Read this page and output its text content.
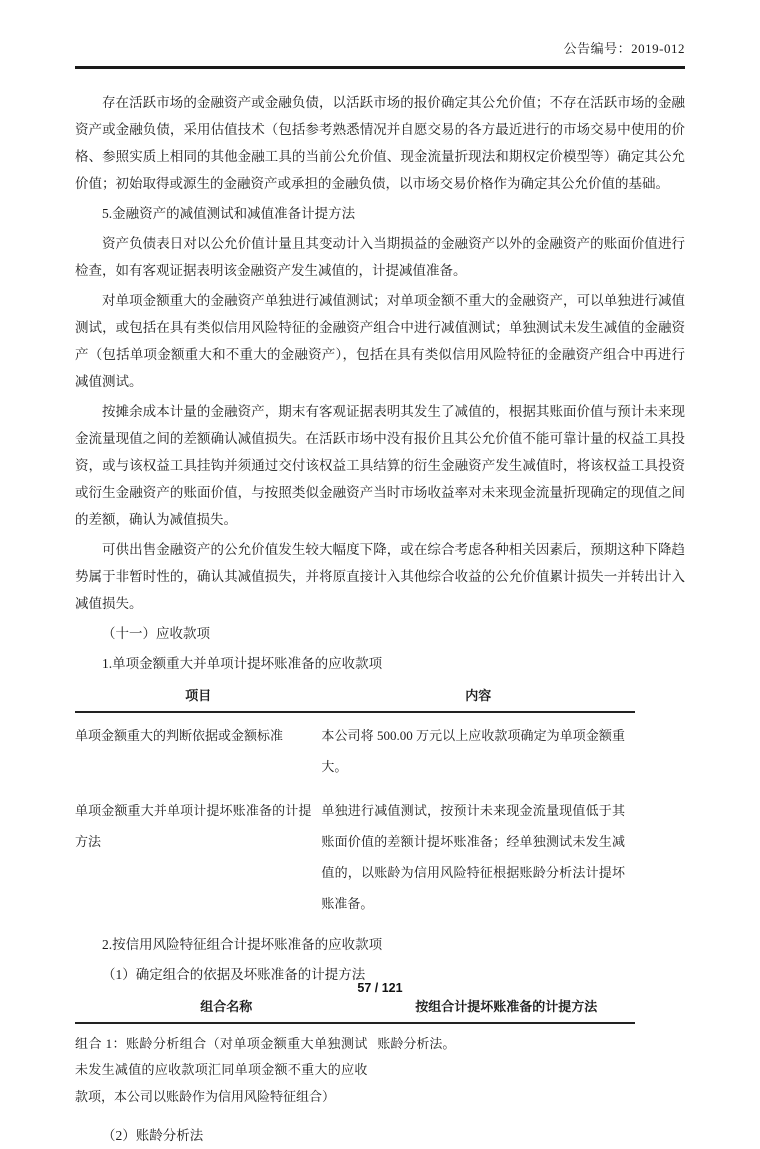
公告编号：2019-012

存在活跃市场的金融资产或金融负债，以活跃市场的报价确定其公允价值；不存在活跃市场的金融资产或金融负债，采用估值技术（包括参考熟悉情况并自愿交易的各方最近进行的市场交易中使用的价格、参照实质上相同的其他金融工具的当前公允价值、现金流量折现法和期权定价模型等）确定其公允价值；初始取得或源生的金融资产或承担的金融负债，以市场交易价格作为确定其公允价值的基础。

5.金融资产的减值测试和减值准备计提方法

资产负债表日对以公允价值计量且其变动计入当期损益的金融资产以外的金融资产的账面价值进行检查，如有客观证据表明该金融资产发生减值的，计提减值准备。

对单项金额重大的金融资产单独进行减值测试；对单项金额不重大的金融资产，可以单独进行减值测试，或包括在具有类似信用风险特征的金融资产组合中进行减值测试；单独测试未发生减值的金融资产（包括单项金额重大和不重大的金融资产），包括在具有类似信用风险特征的金融资产组合中再进行减值测试。

按摊余成本计量的金融资产，期末有客观证据表明其发生了减值的，根据其账面价值与预计未来现金流量现值之间的差额确认减值损失。在活跃市场中没有报价且其公允价值不能可靠计量的权益工具投资，或与该权益工具挂钩并须通过交付该权益工具结算的衍生金融资产发生减值时，将该权益工具投资或衍生金融资产的账面价值，与按照类似金融资产当时市场收益率对未来现金流量折现确定的现值之间的差额，确认为减值损失。

可供出售金融资产的公允价值发生较大幅度下降，或在综合考虑各种相关因素后，预期这种下降趋势属于非暂时性的，确认其减值损失，并将原直接计入其他综合收益的公允价值累计损失一并转出计入减值损失。

（十一）应收款项
1.单项金额重大并单项计提坏账准备的应收款项
项目	内容
单项金额重大的判断依据或金额标准	本公司将 500.00 万元以上应收款项确定为单项金额重大。
单项金额重大并单项计提坏账准备的计提方法	单独进行减值测试，按预计未来现金流量现值低于其账面价值的差额计提坏账准备；经单独测试未发生减值的，以账龄为信用风险特征根据账龄分析法计提坏账准备。
2.按信用风险特征组合计提坏账准备的应收款项
（1）确定组合的依据及坏账准备的计提方法
组合名称	按组合计提坏账准备的计提方法
组合 1：账龄分析组合（对单项金额重大单独测试未发生减值的应收款项汇同单项金额不重大的应收款项，本公司以账龄作为信用风险特征组合）	账龄分析法。
（2）账龄分析法
57 / 121
